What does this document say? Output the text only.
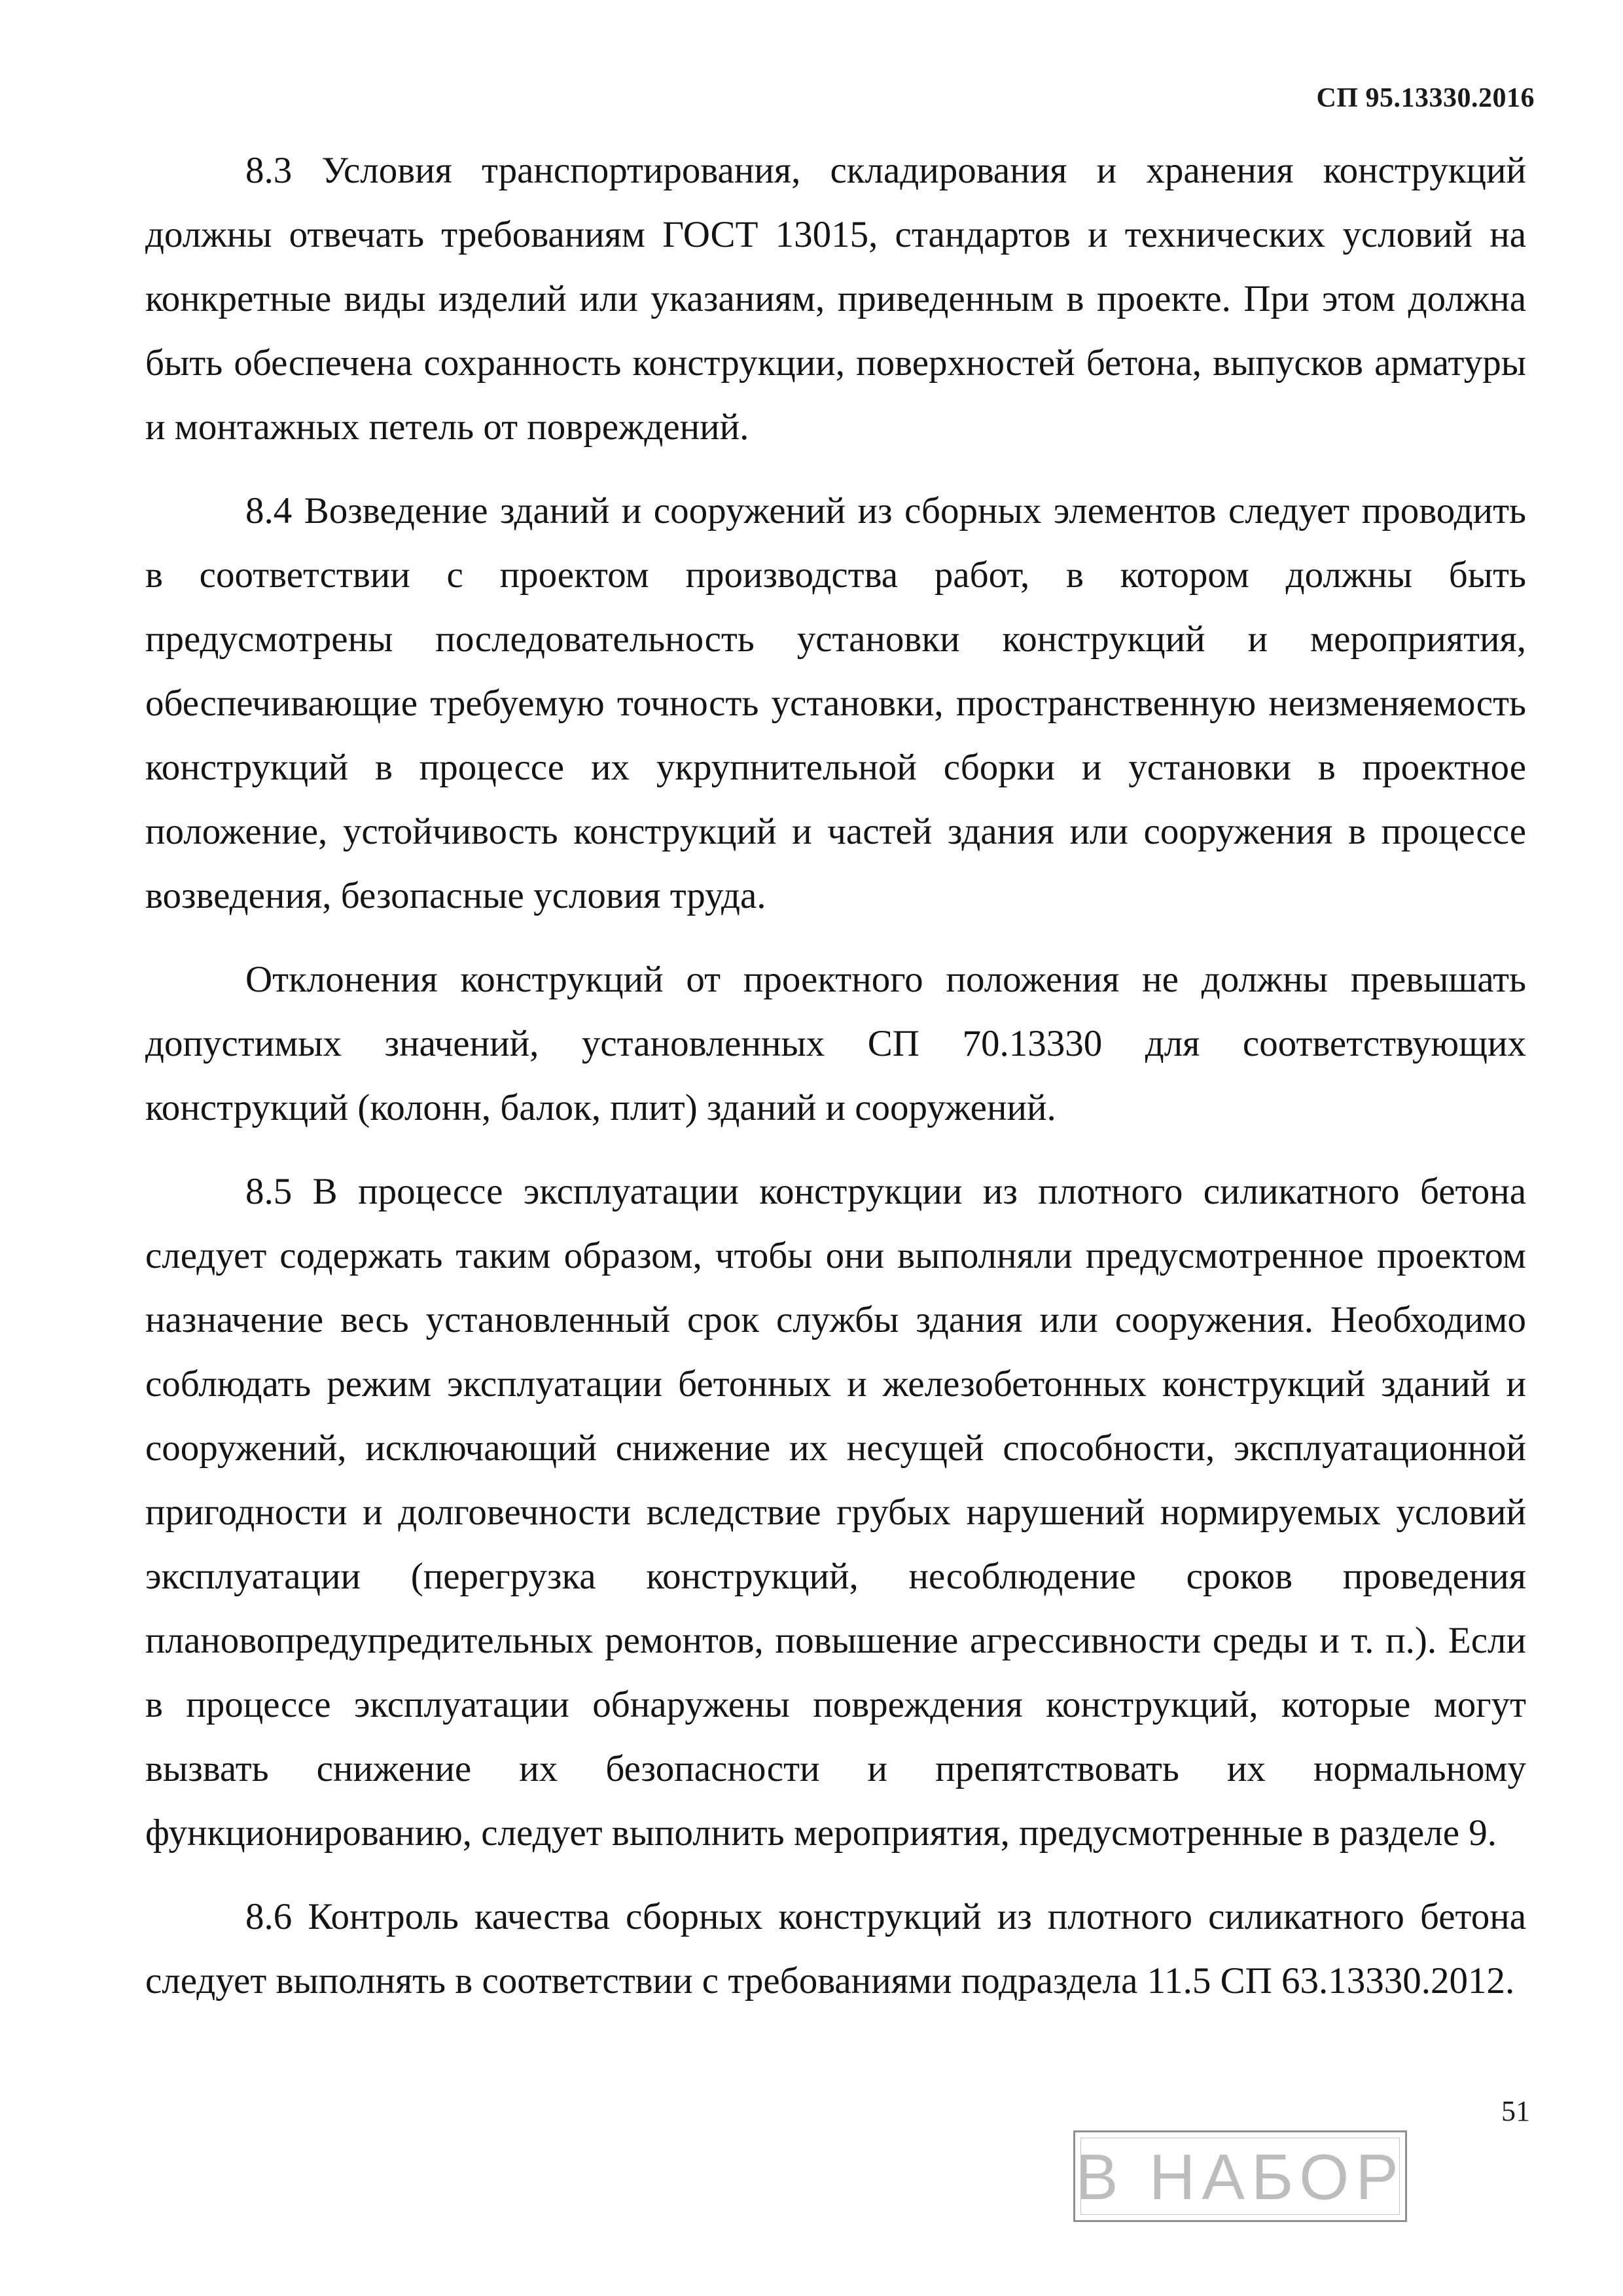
СП 95.13330.2016

8.3 Условия транспортирования, складирования и хранения конструкций должны отвечать требованиям ГОСТ 13015, стандартов и технических условий на конкретные виды изделий или указаниям, приведенным в проекте. При этом должна быть обеспечена сохранность конструкции, поверхностей бетона, выпусков арматуры и монтажных петель от повреждений.

8.4 Возведение зданий и сооружений из сборных элементов следует проводить в соответствии с проектом производства работ, в котором должны быть предусмотрены последовательность установки конструкций и мероприятия, обеспечивающие требуемую точность установки, пространственную неизменяемость конструкций в процессе их укрупнительной сборки и установки в проектное положение, устойчивость конструкций и частей здания или сооружения в процессе возведения, безопасные условия труда.

Отклонения конструкций от проектного положения не должны превышать допустимых значений, установленных СП 70.13330 для соответствующих конструкций (колонн, балок, плит) зданий и сооружений.

8.5 В процессе эксплуатации конструкции из плотного силикатного бетона следует содержать таким образом, чтобы они выполняли предусмотренное проектом назначение весь установленный срок службы здания или сооружения. Необходимо соблюдать режим эксплуатации бетонных и железобетонных конструкций зданий и сооружений, исключающий снижение их несущей способности, эксплуатационной пригодности и долговечности вследствие грубых нарушений нормируемых условий эксплуатации (перегрузка конструкций, несоблюдение сроков проведения плановопредупредительных ремонтов, повышение агрессивности среды и т. п.). Если в процессе эксплуатации обнаружены повреждения конструкций, которые могут вызвать снижение их безопасности и препятствовать их нормальному функционированию, следует выполнить мероприятия, предусмотренные в разделе 9.

8.6 Контроль качества сборных конструкций из плотного силикатного бетона следует выполнять в соответствии с требованиями подраздела 11.5 СП 63.13330.2012.

51
В НАБОР
